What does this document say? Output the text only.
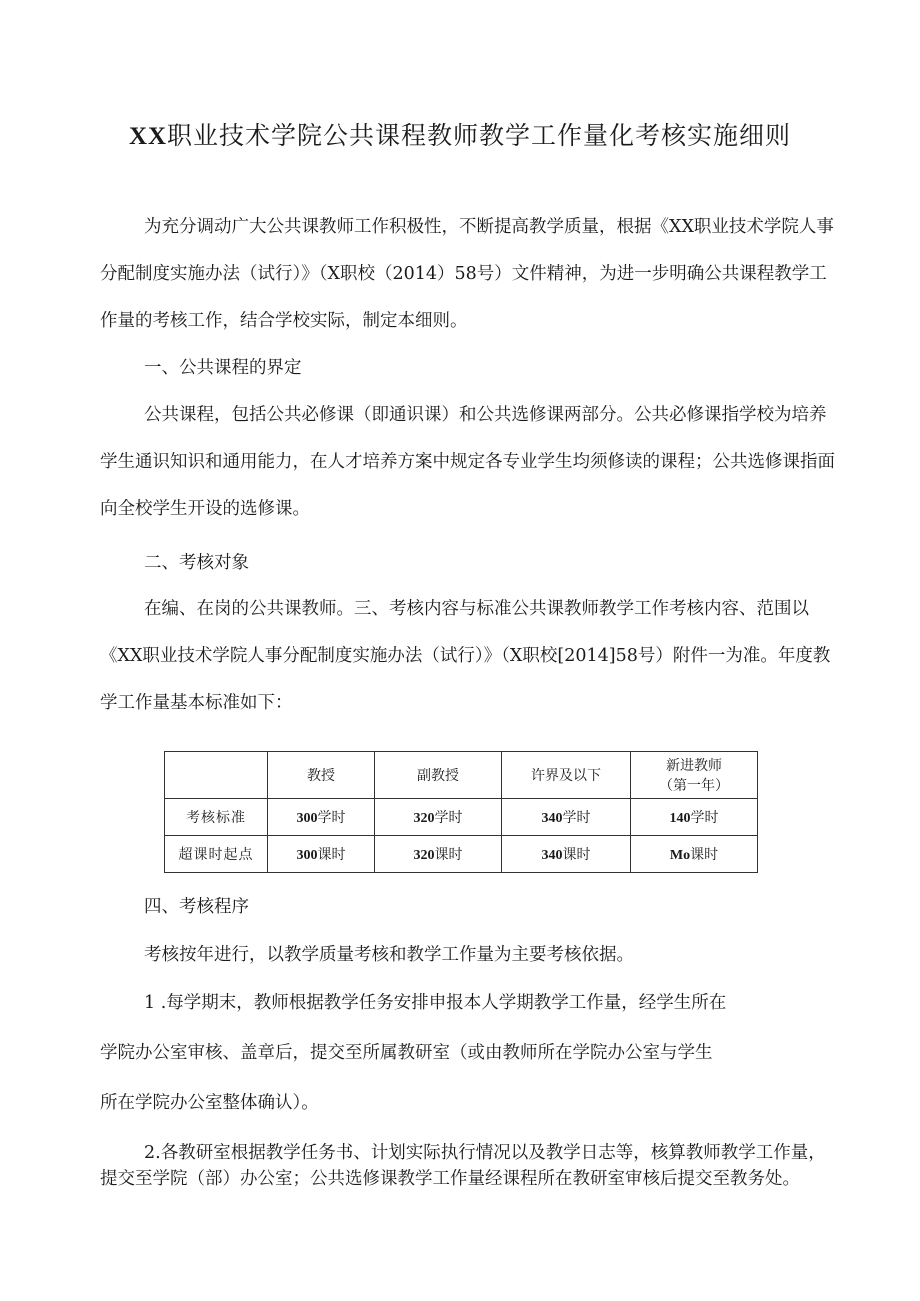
XX职业技术学院公共课程教师教学工作量化考核实施细则

为充分调动广大公共课教师工作积极性，不断提高教学质量，根据《XX职业技术学院人事分配制度实施办法（试行）》（X职校（2014）58号）文件精神，为进一步明确公共课程教学工作量的考核工作，结合学校实际，制定本细则。

一、公共课程的界定

公共课程，包括公共必修课（即通识课）和公共选修课两部分。公共必修课指学校为培养学生通识知识和通用能力，在人才培养方案中规定各专业学生均须修读的课程；公共选修课指面向全校学生开设的选修课。

二、考核对象

在编、在岗的公共课教师。三、考核内容与标准公共课教师教学工作考核内容、范围以《XX职业技术学院人事分配制度实施办法（试行）》（X职校[2014]58号）附件一为准。年度教学工作量基本标准如下：

	教授	副教授	许界及以下	新进教师
（第一年）

考核标准	300学时	320学时	340学时	140学时
超课时起点	300课时	320课时	340课时	Mo课时

四、考核程序

考核按年进行，以教学质量考核和教学工作量为主要考核依据。

1 .每学期末，教师根据教学任务安排申报本人学期教学工作量，经学生所在

学院办公室审核、盖章后，提交至所属教研室（或由教师所在学院办公室与学生

所在学院办公室整体确认）。

2.各教研室根据教学任务书、计划实际执行情况以及教学日志等，核算教师教学工作量，提交至学院（部）办公室；公共选修课教学工作量经课程所在教研室审核后提交至教务处。
